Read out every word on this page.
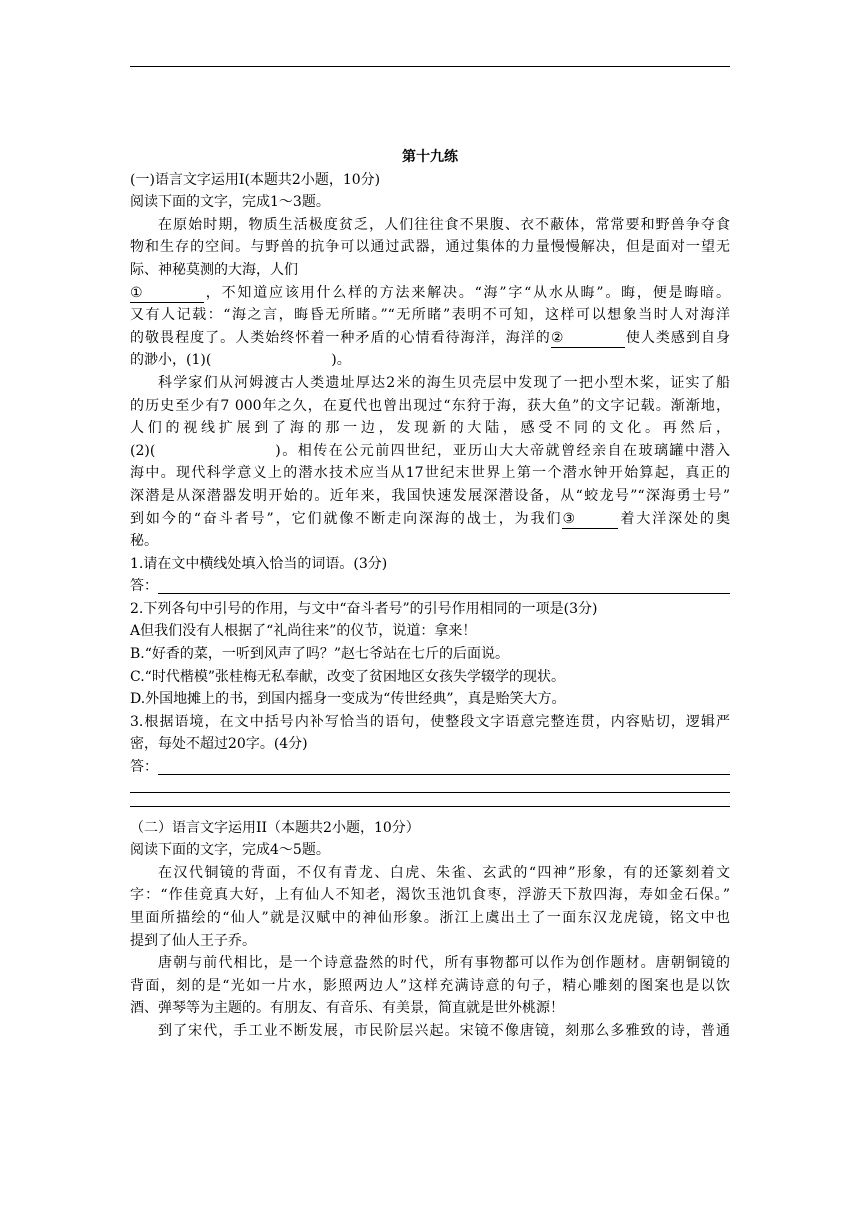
第十九练

(一)语言文字运用Ⅰ(本题共2小题，10分)

阅读下面的文字，完成1～3题。

在原始时期，物质生活极度贫乏，人们往往食不果腹、衣不蔽体，常常要和野兽争夺食

物和生存的空间。与野兽的抗争可以通过武器，通过集体的力量慢慢解决，但是面对一望无

际、神秘莫测的大海，人们

①	，不知道应该用什么样的方法来解决。“海”字“从水从晦”。晦，便是晦暗。

又有人记载：“海之言，晦昏无所睹。”“无所睹”表明不可知，这样可以想象当时人对海洋

的敬畏程度了。人类始终怀着一种矛盾的心情看待海洋，海洋的②	使人类感到自身

的渺小，(1)(	)。

科学家们从河姆渡古人类遗址厚达2米的海生贝壳层中发现了一把小型木桨，证实了船

的历史至少有7 000年之久，在夏代也曾出现过“东狩于海，获大鱼”的文字记载。渐渐地，

人们的视线扩展到了海的那一边，发现新的大陆，感受不同的文化。再然后，

(2)(	)。相传在公元前四世纪，亚历山大大帝就曾经亲自在玻璃罐中潜入

海中。现代科学意义上的潜水技术应当从17世纪末世界上第一个潜水钟开始算起，真正的

深潜是从深潜器发明开始的。近年来，我国快速发展深潜设备，从“蛟龙号”“深海勇士号”

到如今的“奋斗者号”，它们就像不断走向深海的战士，为我们③	着大洋深处的奥

秘。

1.请在文中横线处填入恰当的词语。(3分)

答：

2.下列各句中引号的作用，与文中“奋斗者号”的引号作用相同的一项是(3分)

A但我们没有人根据了“礼尚往来”的仪节，说道：拿来！

B.“好香的菜，一听到风声了吗？”赵七爷站在七斤的后面说。

C.“时代楷模”张桂梅无私奉献，改变了贫困地区女孩失学辍学的现状。

D.外国地摊上的书，到国内摇身一变成为“传世经典”，真是贻笑大方。

3.根据语境，在文中括号内补写恰当的语句，使整段文字语意完整连贯，内容贴切，逻辑严

密，每处不超过20字。(4分)

答：

（二）语言文字运用II（本题共2小题，10分）

阅读下面的文字，完成4～5题。

在汉代铜镜的背面，不仅有青龙、白虎、朱雀、玄武的“四神”形象，有的还篆刻着文

字：“作佳竟真大好，上有仙人不知老，渴饮玉池饥食枣，浮游天下敖四海，寿如金石保。”

里面所描绘的“仙人”就是汉赋中的神仙形象。浙江上虞出土了一面东汉龙虎镜，铭文中也

提到了仙人王子乔。

唐朝与前代相比，是一个诗意盎然的时代，所有事物都可以作为创作题材。唐朝铜镜的

背面，刻的是“光如一片水，影照两边人”这样充满诗意的句子，精心雕刻的图案也是以饮

酒、弹琴等为主题的。有朋友、有音乐、有美景，简直就是世外桃源！

到了宋代，手工业不断发展，市民阶层兴起。宋镜不像唐镜，刻那么多雅致的诗，普通
